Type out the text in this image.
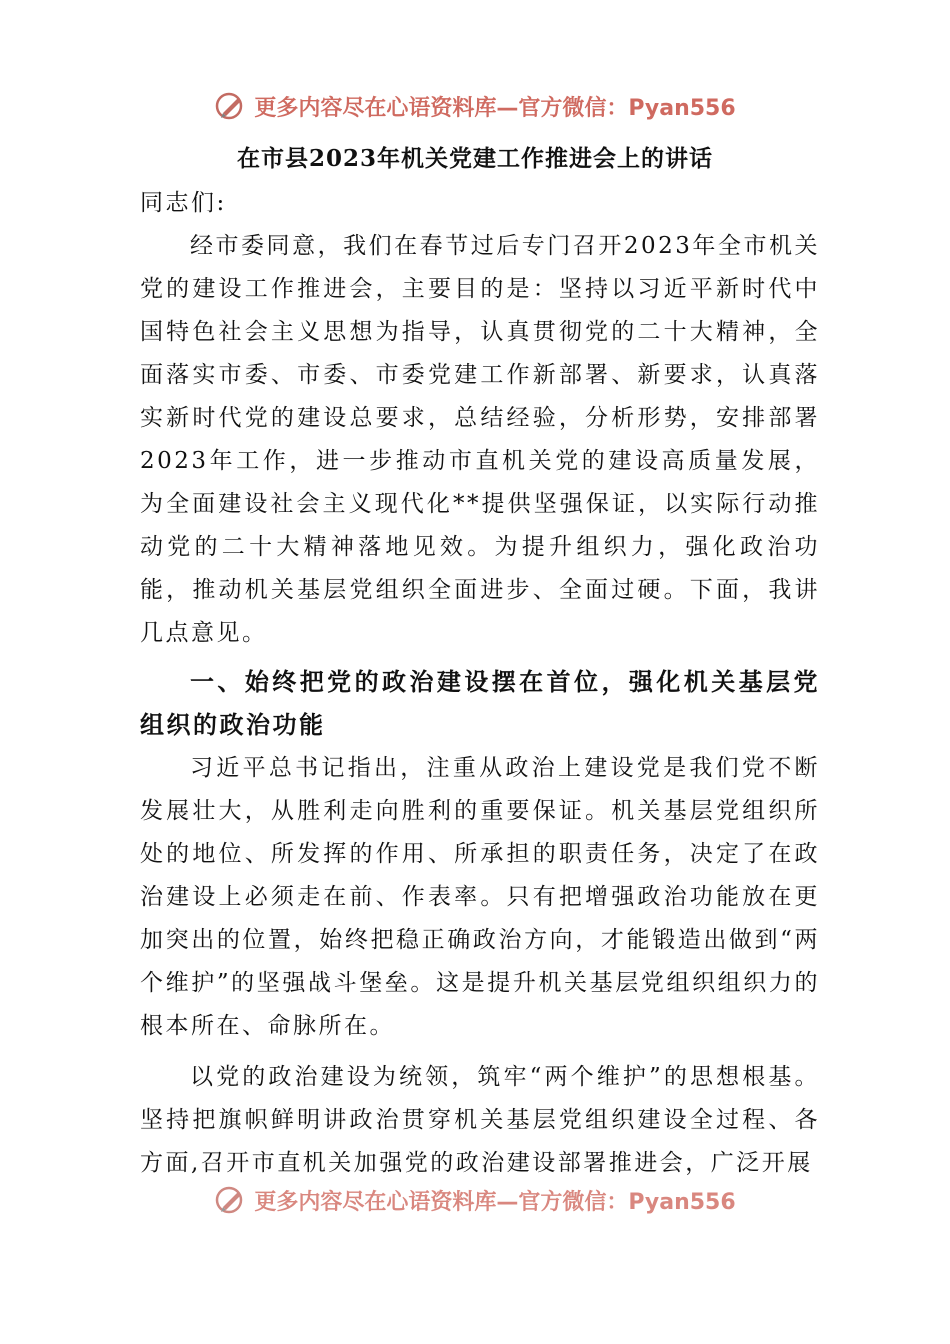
更多内容尽在心语资料库—官方微信：Pyan556
在市县2023年机关党建工作推进会上的讲话

同志们:

经市委同意，我们在春节过后专门召开2023年全市机关党的建设工作推进会，主要目的是：坚持以习近平新时代中国特色社会主义思想为指导，认真贯彻党的二十大精神，全面落实市委、市委、市委党建工作新部署、新要求，认真落实新时代党的建设总要求，总结经验，分析形势，安排部署2023年工作，进一步推动市直机关党的建设高质量发展，为全面建设社会主义现代化**提供坚强保证，以实际行动推动党的二十大精神落地见效。为提升组织力，强化政治功能，推动机关基层党组织全面进步、全面过硬。下面，我讲几点意见。

一、始终把党的政治建设摆在首位，强化机关基层党组织的政治功能

习近平总书记指出，注重从政治上建设党是我们党不断发展壮大，从胜利走向胜利的重要保证。机关基层党组织所处的地位、所发挥的作用、所承担的职责任务，决定了在政治建设上必须走在前、作表率。只有把增强政治功能放在更加突出的位置，始终把稳正确政治方向，才能锻造出做到“两个维护”的坚强战斗堡垒。这是提升机关基层党组织组织力的根本所在、命脉所在。

以党的政治建设为统领，筑牢“两个维护”的思想根基。坚持把旗帜鲜明讲政治贯穿机关基层党组织建设全过程、各方面,召开市直机关加强党的政治建设部署推进会，广泛开展

更多内容尽在心语资料库—官方微信：Pyan556
